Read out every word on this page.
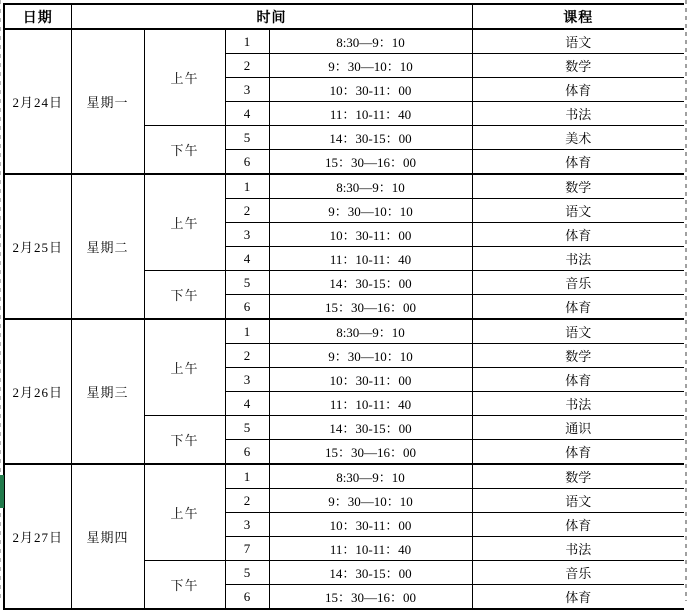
日期	时间				课程
2月24日	星期一	上午	1	8:30—9：10	语文
			2	9：30—10：10	数学
			3	10：30-11：00	体育
			4	11：10-11：40	书法
		下午	5	14：30-15：00	美术
			6	15：30—16：00	体育
2月25日	星期二	上午	1	8:30—9：10	数学
			2	9：30—10：10	语文
			3	10：30-11：00	体育
			4	11：10-11：40	书法
		下午	5	14：30-15：00	音乐
			6	15：30—16：00	体育
2月26日	星期三	上午	1	8:30—9：10	语文
			2	9：30—10：10	数学
			3	10：30-11：00	体育
			4	11：10-11：40	书法
		下午	5	14：30-15：00	通识
			6	15：30—16：00	体育
2月27日	星期四	上午	1	8:30—9：10	数学
			2	9：30—10：10	语文
			3	10：30-11：00	体育
			7	11：10-11：40	书法
		下午	5	14：30-15：00	音乐
			6	15：30—16：00	体育
